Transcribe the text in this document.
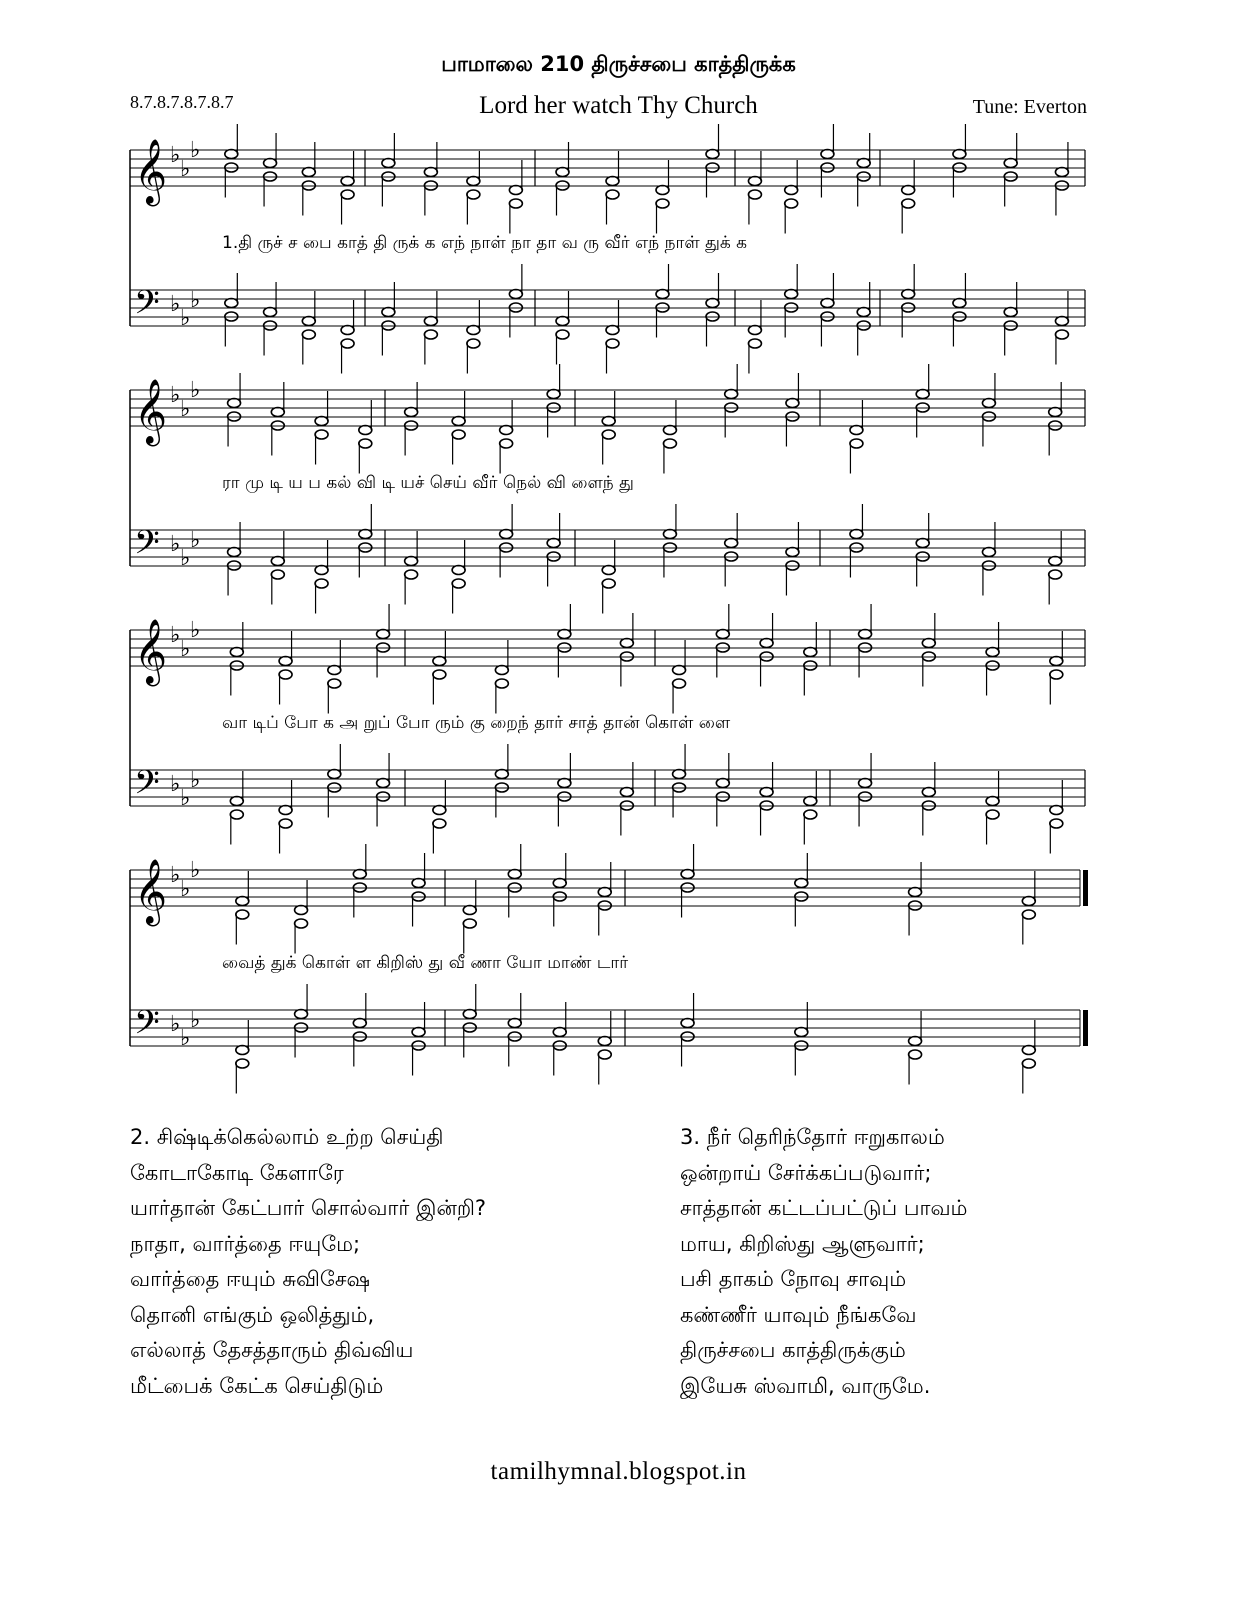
பாமாலை 210 திருச்சபை காத்திருக்க
8.7.8.7.8.7.8.7	Lord her watch Thy Church	Tune: Everton
𝄞 ♭
♭
♭
𝄢 ♭
♭
♭
𝄞 ♭
♭
♭
𝄢 ♭
♭
♭
𝄞 ♭
♭
♭
𝄢 ♭
♭
♭
𝄞 ♭
♭
♭
𝄢 ♭
♭
♭
1.தி ருச் ச பை காத் தி ருக் க எந் நாள் நா தா வ ரு வீர் எந் நாள் துக் க
ரா மு டி ய ப கல் வி டி யச் செய் வீர் நெல் வி ளைந் து
வா டிப் போ க அ றுப் போ ரும் கு றைந் தார் சாத் தான் கொள் ளை
வைத் துக் கொள் ள கிறிஸ் து வீ ணா யோ மாண் டார்
2. சிஷ்டிக்கெல்லாம் உற்ற செய்தி
கோடாகோடி கேளாரே
யார்தான் கேட்பார் சொல்வார் இன்றி?
நாதா, வார்த்தை ஈயுமே;
வார்த்தை ஈயும் சுவிசேஷ
தொனி எங்கும் ஒலித்தும்,
எல்லாத் தேசத்தாரும் திவ்விய
மீட்பைக் கேட்க செய்திடும்
3. நீர் தெரிந்தோர் ஈறுகாலம்
ஒன்றாய் சேர்க்கப்படுவார்;
சாத்தான் கட்டப்பட்டுப் பாவம்
மாய, கிறிஸ்து ஆளுவார்;
பசி தாகம் நோவு சாவும்
கண்ணீர் யாவும் நீங்கவே
திருச்சபை காத்திருக்கும்
இயேசு ஸ்வாமி, வாருமே.
tamilhymnal.blogspot.in
